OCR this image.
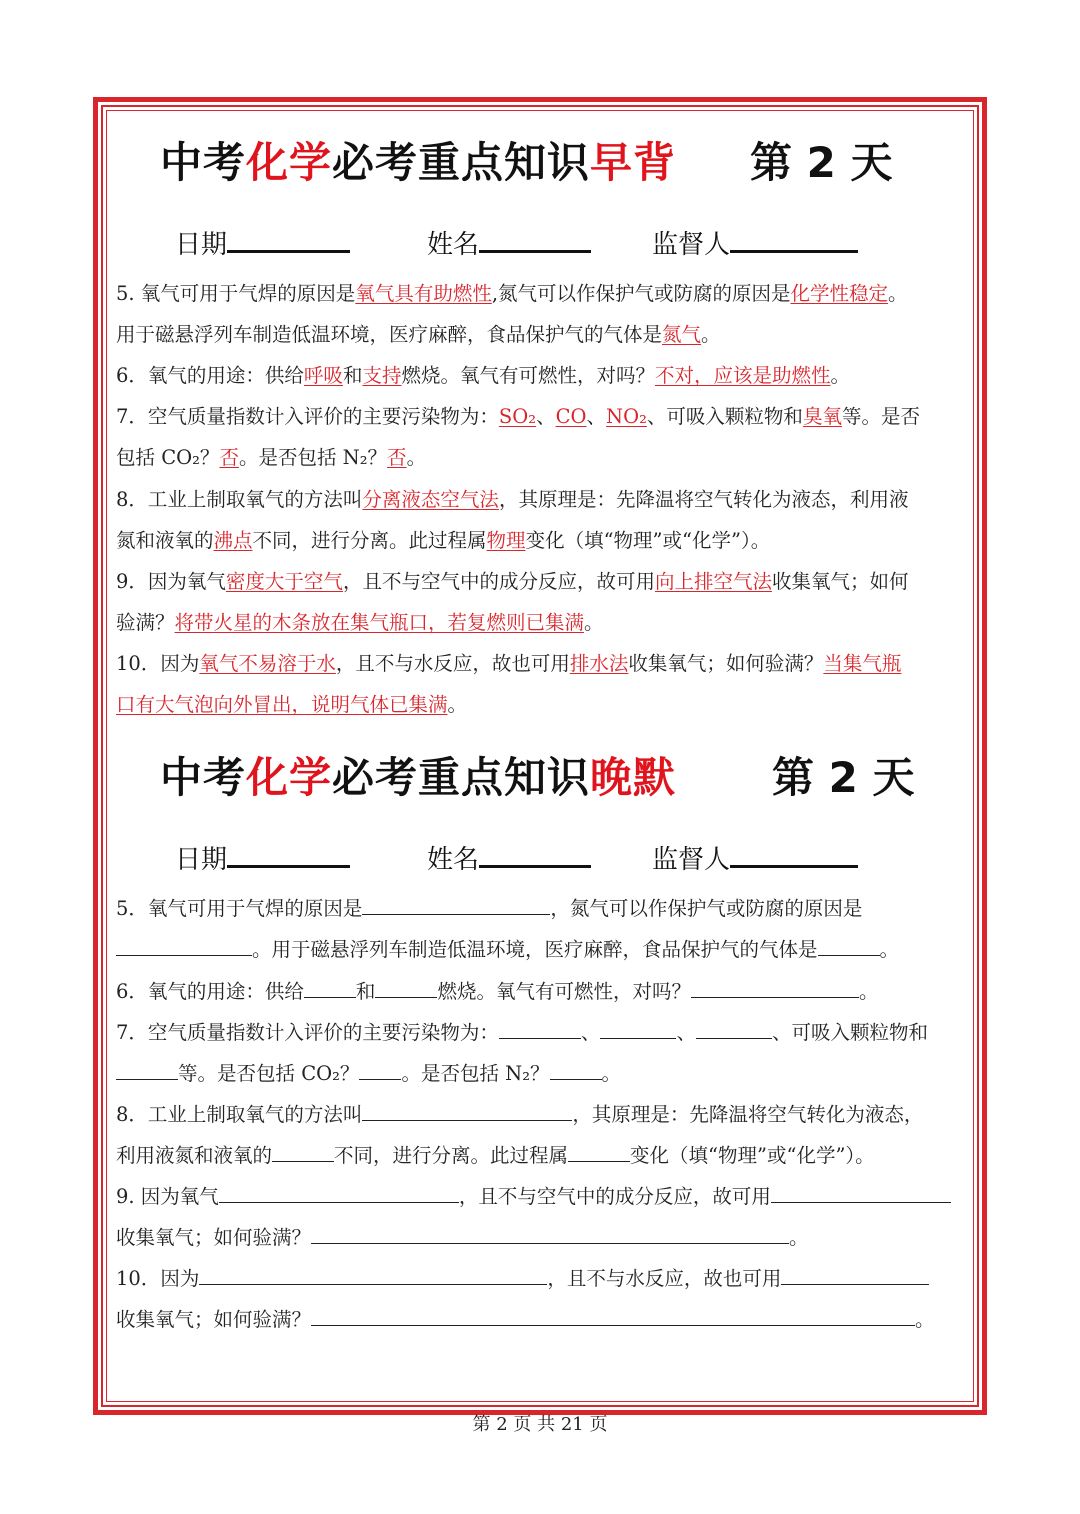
中考化学必考重点知识早背 第 2 天
日期	姓名	监督人
5. 氧气可用于气焊的原因是氧气具有助燃性,氮气可以作保护气或防腐的原因是化学性稳定。
用于磁悬浮列车制造低温环境，医疗麻醉，食品保护气的气体是氮气。
6．氧气的用途：供给呼吸和支持燃烧。氧气有可燃性，对吗？不对，应该是助燃性。
7．空气质量指数计入评价的主要污染物为：SO₂、CO、NO₂、可吸入颗粒物和臭氧等。是否
包括 CO₂？否。是否包括 N₂？否。
8．工业上制取氧气的方法叫分离液态空气法，其原理是：先降温将空气转化为液态，利用液
氮和液氧的沸点不同，进行分离。此过程属物理变化（填“物理”或“化学”）。
9．因为氧气密度大于空气，且不与空气中的成分反应，故可用向上排空气法收集氧气；如何
验满？将带火星的木条放在集气瓶口，若复燃则已集满。
10．因为氧气不易溶于水，且不与水反应，故也可用排水法收集氧气；如何验满？当集气瓶
口有大气泡向外冒出，说明气体已集满。
中考化学必考重点知识晚默 第 2 天
日期	姓名	监督人
5．氧气可用于气焊的原因是	，氮气可以作保护气或防腐的原因是
。用于磁悬浮列车制造低温环境，医疗麻醉，食品保护气的气体是	。
6．氧气的用途：供给	和	燃烧。氧气有可燃性，对吗？	。
7．空气质量指数计入评价的主要污染物为：	、	、	、可吸入颗粒物和
等。是否包括 CO₂？ 。是否包括 N₂？	。
8．工业上制取氧气的方法叫	，其原理是：先降温将空气转化为液态，
利用液氮和液氧的	不同，进行分离。此过程属	变化（填“物理”或“化学”）。
9. 因为氧气	，且不与空气中的成分反应，故可用
收集氧气；如何验满？	。
10．因为	，且不与水反应，故也可用
收集氧气；如何验满？	。
第 2 页 共 21 页
